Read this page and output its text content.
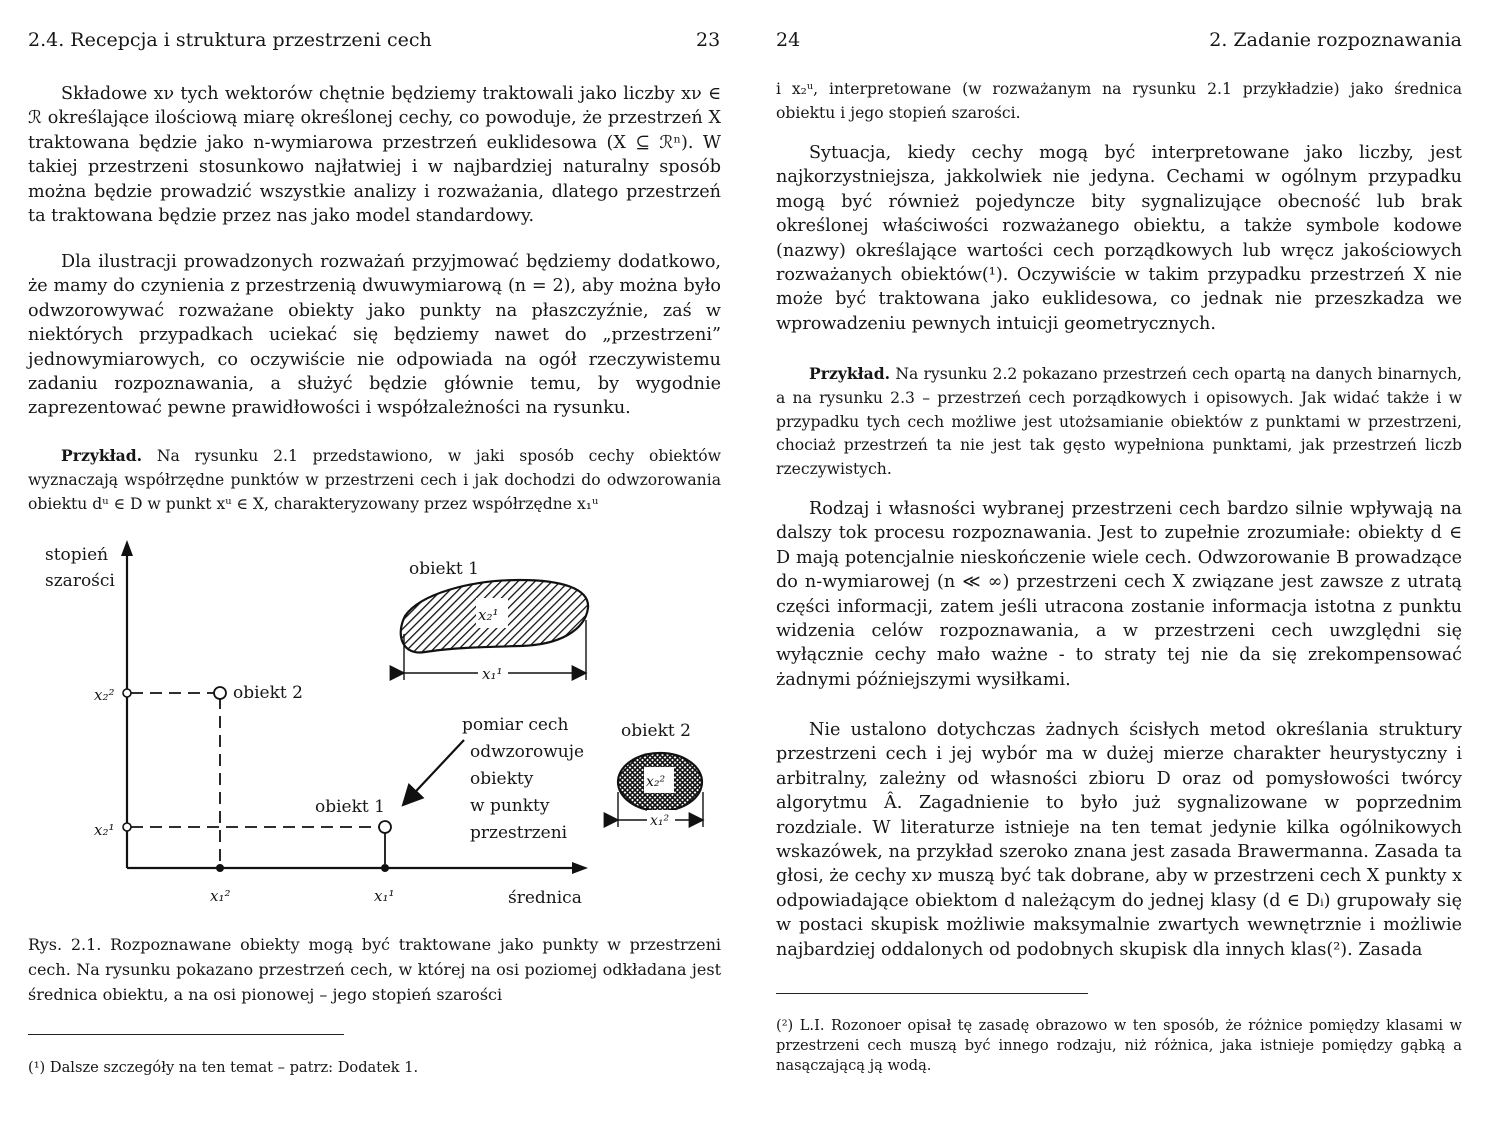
2.4. Recepcja i struktura przestrzeni cech	23

Składowe xν tych wektorów chętnie będziemy traktowali jako liczby xν ∈ ℛ określające ilościową miarę określonej cechy, co powoduje, że przestrzeń X traktowana będzie jako n-wymiarowa przestrzeń euklidesowa (X ⊆ ℛⁿ). W takiej przestrzeni stosunkowo najłatwiej i w najbardziej naturalny sposób można będzie prowadzić wszystkie analizy i rozważania, dlatego przestrzeń ta traktowana będzie przez nas jako model standardowy.

Dla ilustracji prowadzonych rozważań przyjmować będziemy dodatkowo, że mamy do czynienia z przestrzenią dwuwymiarową (n = 2), aby można było odwzorowywać rozważane obiekty jako punkty na płaszczyźnie, zaś w niektórych przypadkach uciekać się będziemy nawet do „przestrzeni” jednowymiarowych, co oczywiście nie odpowiada na ogół rzeczywistemu zadaniu rozpoznawania, a służyć będzie głównie temu, by wygodnie zaprezentować pewne prawidłowości i współzależności na rysunku.

Przykład. Na rysunku 2.1 przedstawiono, w jaki sposób cechy obiektów wyznaczają współrzędne punktów w przestrzeni cech i jak dochodzi do odwzorowania obiektu dᵘ ∈ D w punkt xᵘ ∈ X, charakteryzowany przez współrzędne x₁ᵘ

stopień
szarości
średnica
x₂²
x₂¹
x₁²	x₁¹
obiekt 2
obiekt 1
obiekt 1
x₂¹
x₁¹
pomiar cech
odwzorowuje
obiekty
w punkty
przestrzeni
obiekt 2
x₂²
x₁²
Rys. 2.1. Rozpoznawane obiekty mogą być traktowane jako punkty w przestrzeni cech. Na rysunku pokazano przestrzeń cech, w której na osi poziomej odkładana jest średnica obiektu, a na osi pionowej – jego stopień szarości
(¹) Dalsze szczegóły na ten temat – patrz: Dodatek 1.
24	2. Zadanie rozpoznawania

i x₂ᵘ, interpretowane (w rozważanym na rysunku 2.1 przykładzie) jako średnica obiektu i jego stopień szarości.

Sytuacja, kiedy cechy mogą być interpretowane jako liczby, jest najkorzystniejsza, jakkolwiek nie jedyna. Cechami w ogólnym przypadku mogą być również pojedyncze bity sygnalizujące obecność lub brak określonej właściwości rozważanego obiektu, a także symbole kodowe (nazwy) określające wartości cech porządkowych lub wręcz jakościowych rozważanych obiektów(¹). Oczywiście w takim przypadku przestrzeń X nie może być traktowana jako euklidesowa, co jednak nie przeszkadza we wprowadzeniu pewnych intuicji geometrycznych.

Przykład. Na rysunku 2.2 pokazano przestrzeń cech opartą na danych binarnych, a na rysunku 2.3 – przestrzeń cech porządkowych i opisowych. Jak widać także i w przypadku tych cech możliwe jest utożsamianie obiektów z punktami w przestrzeni, chociaż przestrzeń ta nie jest tak gęsto wypełniona punktami, jak przestrzeń liczb rzeczywistych.

Rodzaj i własności wybranej przestrzeni cech bardzo silnie wpływają na dalszy tok procesu rozpoznawania. Jest to zupełnie zrozumiałe: obiekty d ∈ D mają potencjalnie nieskończenie wiele cech. Odwzorowanie B prowadzące do n-wymiarowej (n ≪ ∞) przestrzeni cech X związane jest zawsze z utratą części informacji, zatem jeśli utracona zostanie informacja istotna z punktu widzenia celów rozpoznawania, a w przestrzeni cech uwzględni się wyłącznie cechy mało ważne - to straty tej nie da się zrekompensować żadnymi późniejszymi wysiłkami.

Nie ustalono dotychczas żadnych ścisłych metod określania struktury przestrzeni cech i jej wybór ma w dużej mierze charakter heurystyczny i arbitralny, zależny od własności zbioru D oraz od pomysłowości twórcy algorytmu Â. Zagadnienie to było już sygnalizowane w poprzednim rozdziale. W literaturze istnieje na ten temat jedynie kilka ogólnikowych wskazówek, na przykład szeroko znana jest zasada Brawermanna. Zasada ta głosi, że cechy xν muszą być tak dobrane, aby w przestrzeni cech X punkty x odpowiadające obiektom d należącym do jednej klasy (d ∈ Dᵢ) grupowały się w postaci skupisk możliwie maksymalnie zwartych wewnętrznie i możliwie najbardziej oddalonych od podobnych skupisk dla innych klas(²). Zasada

(²) L.I. Rozonoer opisał tę zasadę obrazowo w ten sposób, że różnice pomiędzy klasami w przestrzeni cech muszą być innego rodzaju, niż różnica, jaka istnieje pomiędzy gąbką a nasączającą ją wodą.
